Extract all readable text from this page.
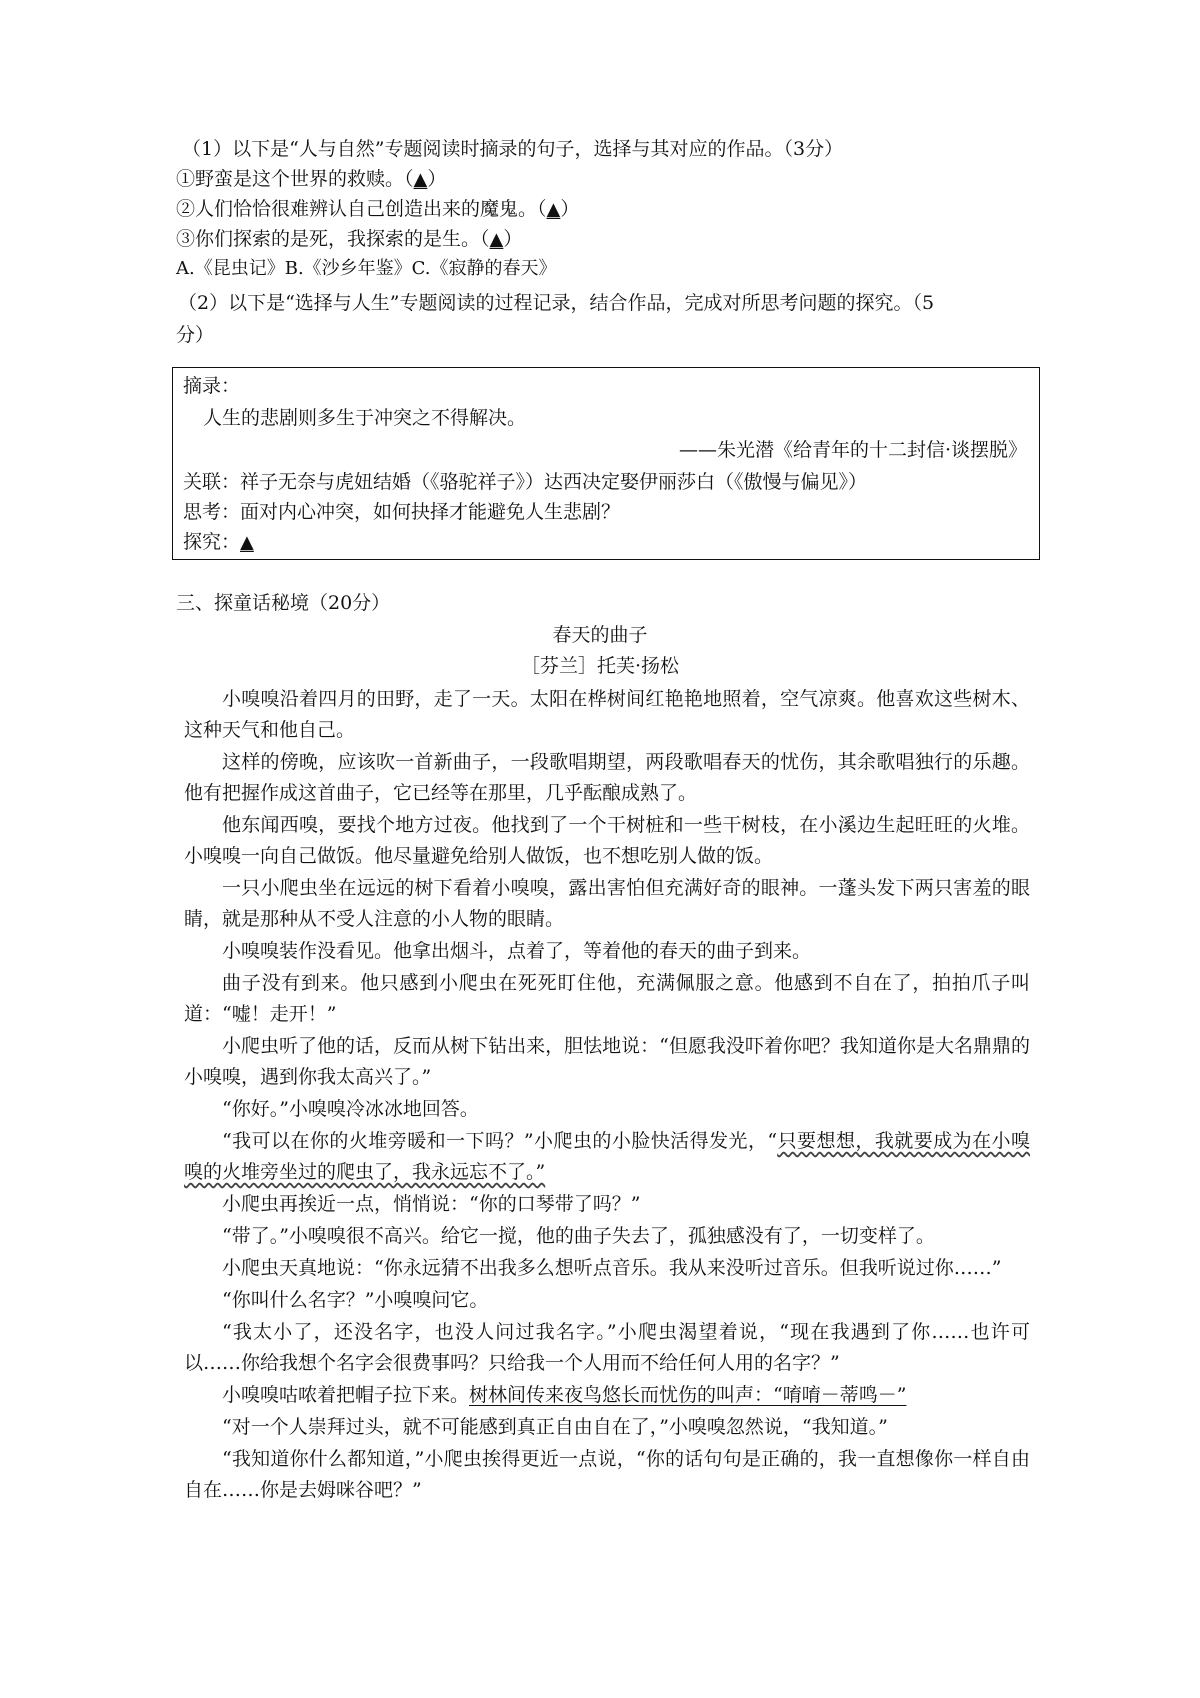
（1）以下是“人与自然”专题阅读时摘录的句子，选择与其对应的作品。（3分）
①野蛮是这个世界的救赎。（▲）
②人们恰恰很难辨认自己创造出来的魔鬼。（▲）
③你们探索的是死，我探索的是生。（▲）
A.《昆虫记》B.《沙乡年鉴》C.《寂静的春天》
（2）以下是“选择与人生”专题阅读的过程记录，结合作品，完成对所思考问题的探究。（5
分）
摘录：
人生的悲剧则多生于冲突之不得解决。
——朱光潜《给青年的十二封信·谈摆脱》
关联：祥子无奈与虎妞结婚（《骆驼祥子》）达西决定娶伊丽莎白（《傲慢与偏见》）
思考：面对内心冲突，如何抉择才能避免人生悲剧？
探究：▲
三、探童话秘境（20分）
春天的曲子
［芬兰］托芙·扬松

小嗅嗅沿着四月的田野，走了一天。太阳在桦树间红艳艳地照着，空气凉爽。他喜欢这些树木、这种天气和他自己。

这样的傍晚，应该吹一首新曲子，一段歌唱期望，两段歌唱春天的忧伤，其余歌唱独行的乐趣。他有把握作成这首曲子，它已经等在那里，几乎酝酿成熟了。

他东闻西嗅，要找个地方过夜。他找到了一个干树桩和一些干树枝，在小溪边生起旺旺的火堆。小嗅嗅一向自己做饭。他尽量避免给别人做饭，也不想吃别人做的饭。

一只小爬虫坐在远远的树下看着小嗅嗅，露出害怕但充满好奇的眼神。一蓬头发下两只害羞的眼睛，就是那种从不受人注意的小人物的眼睛。

小嗅嗅装作没看见。他拿出烟斗，点着了，等着他的春天的曲子到来。

曲子没有到来。他只感到小爬虫在死死盯住他，充满佩服之意。他感到不自在了，拍拍爪子叫道：“嘘！走开！”

小爬虫听了他的话，反而从树下钻出来，胆怯地说：“但愿我没吓着你吧？我知道你是大名鼎鼎的小嗅嗅，遇到你我太高兴了。”

“你好。”小嗅嗅冷冰冰地回答。

“我可以在你的火堆旁暖和一下吗？”小爬虫的小脸快活得发光，“只要想想，我就要成为在小嗅嗅的火堆旁坐过的爬虫了，我永远忘不了。”

小爬虫再挨近一点，悄悄说：“你的口琴带了吗？”

“带了。”小嗅嗅很不高兴。给它一搅，他的曲子失去了，孤独感没有了，一切变样了。

小爬虫天真地说：“你永远猜不出我多么想听点音乐。我从来没听过音乐。但我听说过你……”

“你叫什么名字？”小嗅嗅问它。

“我太小了，还没名字，也没人问过我名字。”小爬虫渴望着说，“现在我遇到了你……也许可以……你给我想个名字会很费事吗？只给我一个人用而不给任何人用的名字？”

小嗅嗅咕哝着把帽子拉下来。树林间传来夜鸟悠长而忧伤的叫声：“唷唷－蒂鸣－”

“对一个人崇拜过头，就不可能感到真正自由自在了，”小嗅嗅忽然说，“我知道。”

“我知道你什么都知道，”小爬虫挨得更近一点说，“你的话句句是正确的，我一直想像你一样自由自在……你是去姆咪谷吧？”
